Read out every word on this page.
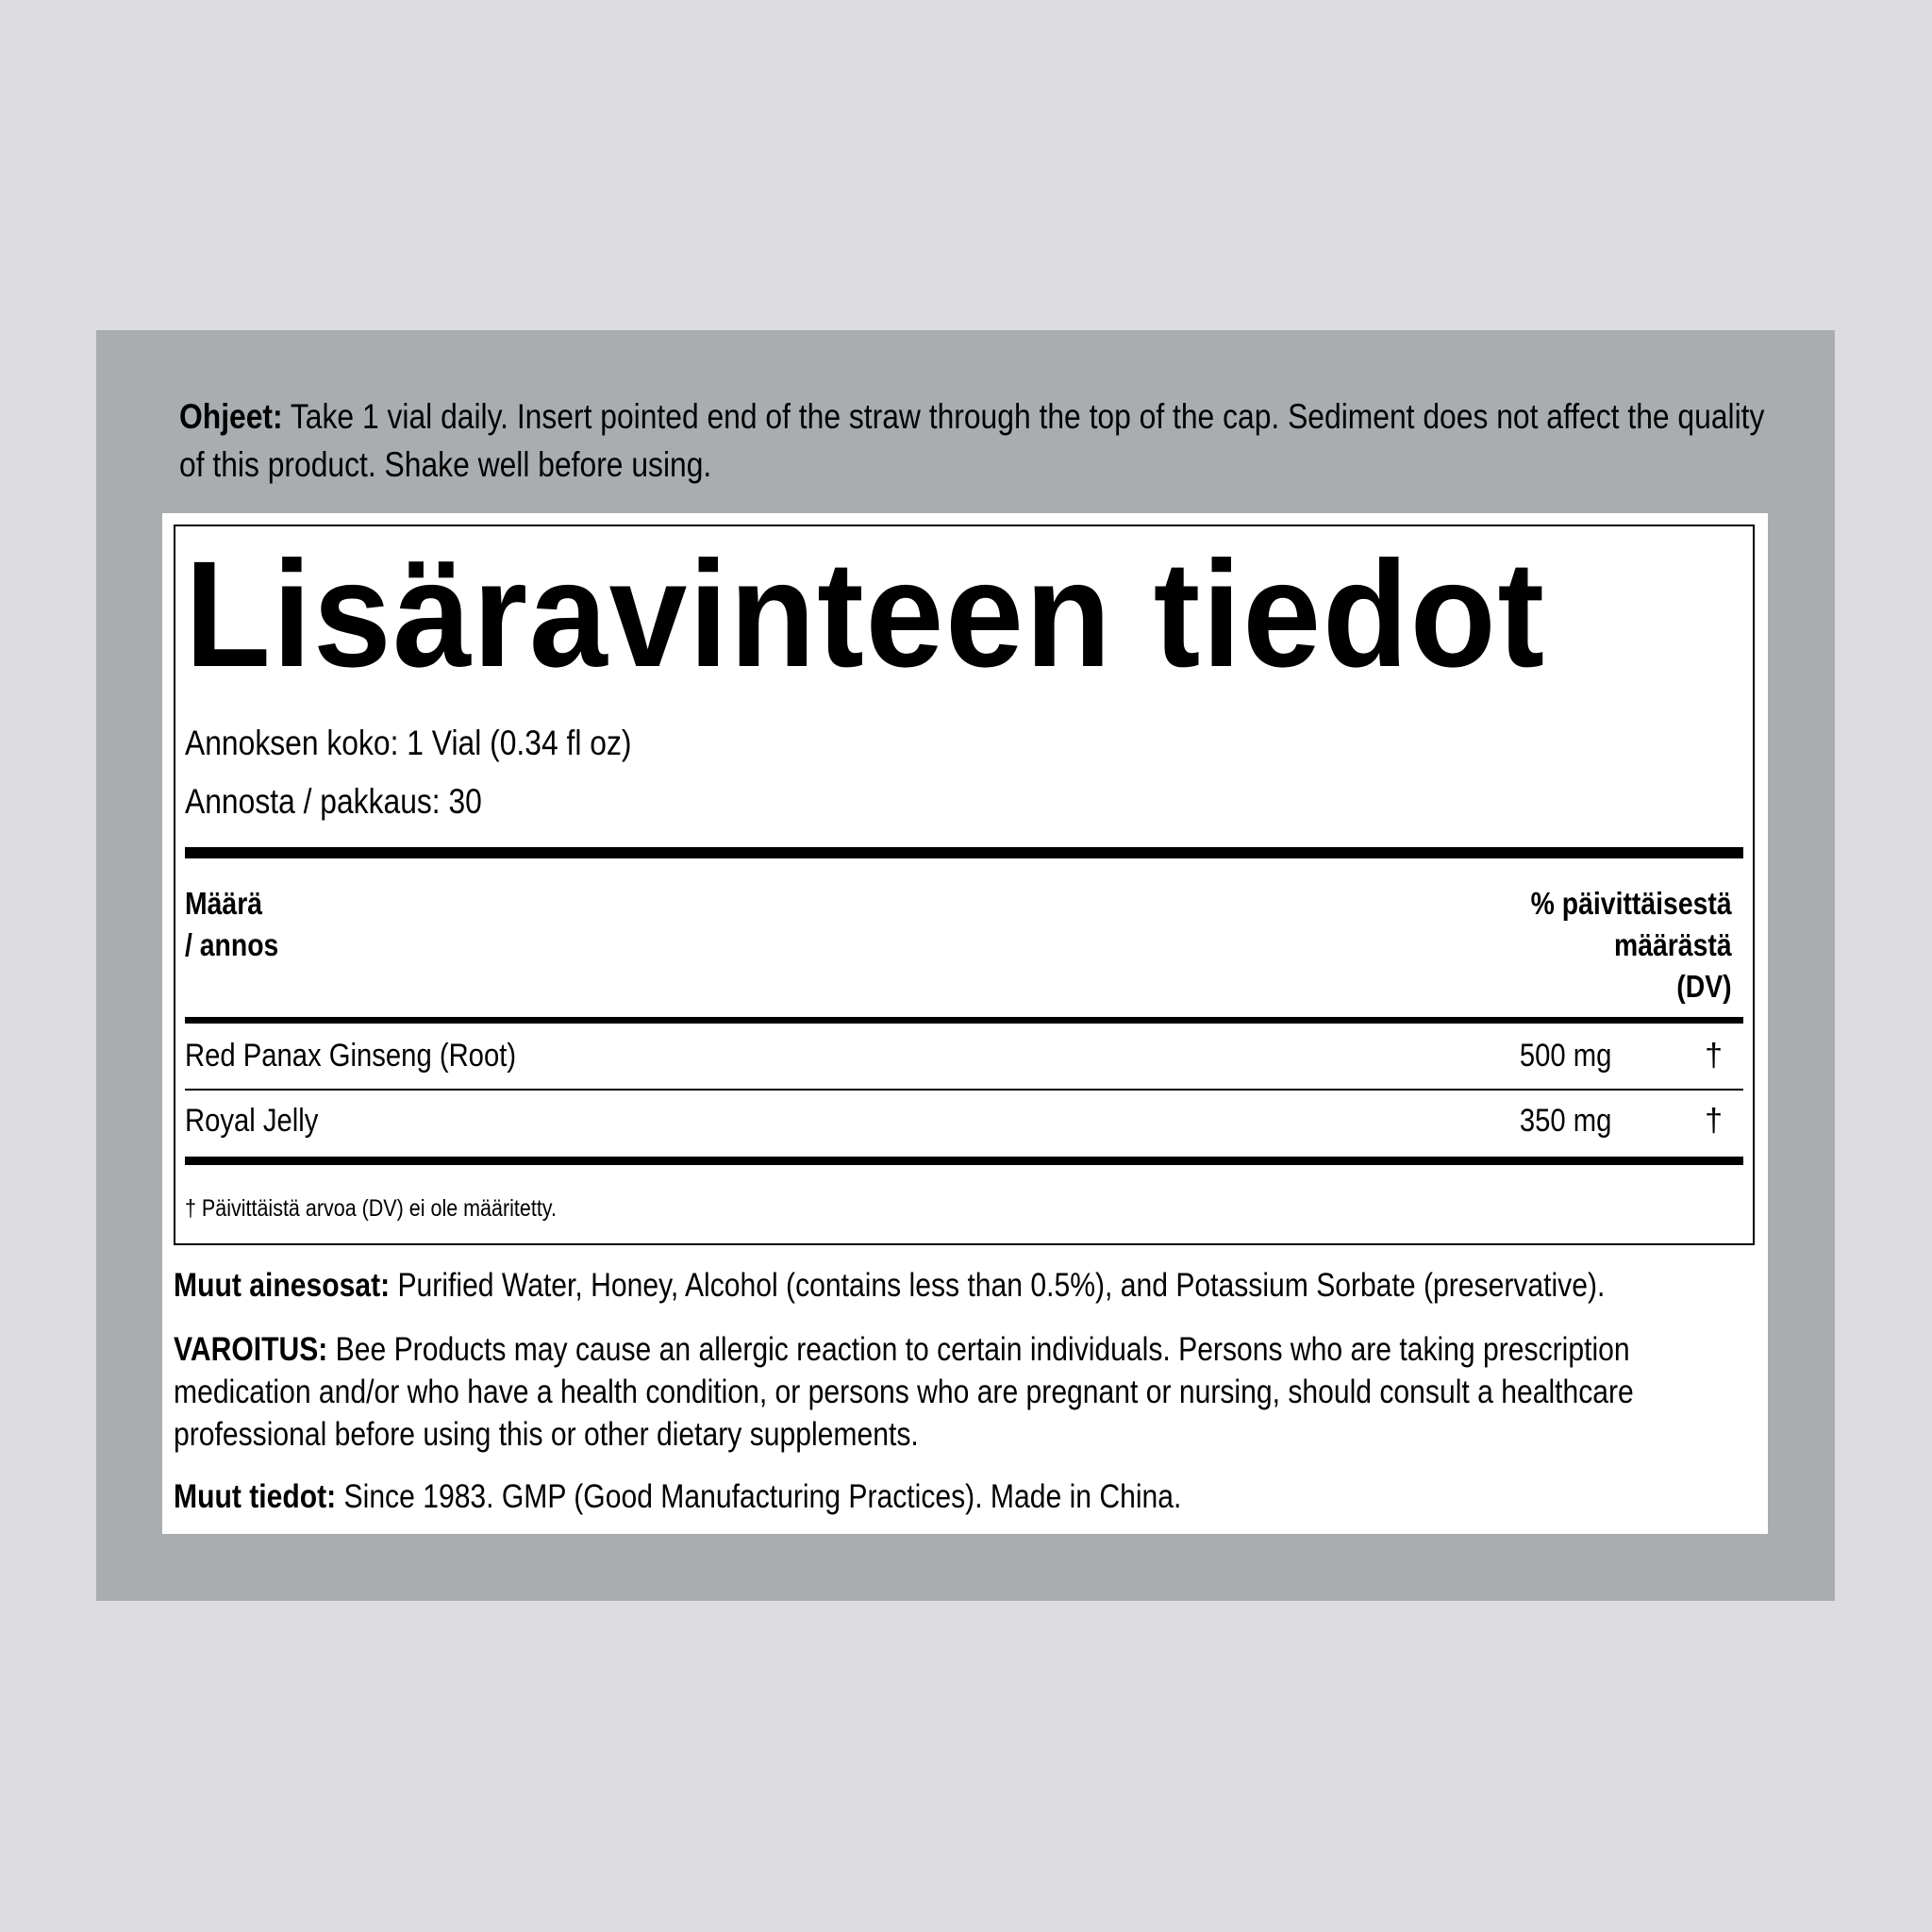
Ohjeet: Take 1 vial daily. Insert pointed end of the straw through the top of the cap. Sediment does not affect the quality of this product. Shake well before using.
Lisäravinteen tiedot
Annoksen koko: 1 Vial (0.34 fl oz)
Annosta / pakkaus: 30
Määrä
/ annos
% päivittäisestä
määrästä
(DV)
Red Panax Ginseng (Root)	500 mg	†
Royal Jelly	350 mg	†
† Päivittäistä arvoa (DV) ei ole määritetty.
Muut ainesosat: Purified Water, Honey, Alcohol (contains less than 0.5%), and Potassium Sorbate (preservative).
VAROITUS: Bee Products may cause an allergic reaction to certain individuals. Persons who are taking prescription medication and/or who have a health condition, or persons who are pregnant or nursing, should consult a healthcare professional before using this or other dietary supplements.
Muut tiedot: Since 1983. GMP (Good Manufacturing Practices). Made in China.
